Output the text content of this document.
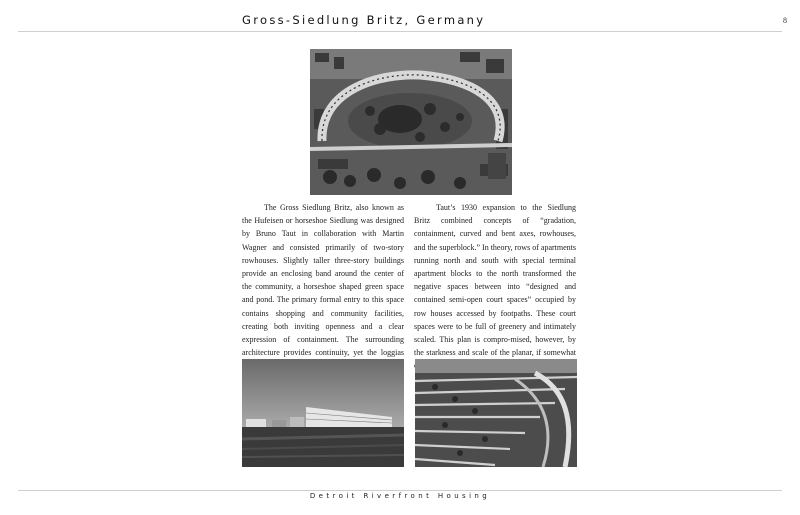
Gross-Siedlung Britz, Germany	8

The Gross Siedlung Britz, also known as the Hufeisen or horseshoe Siedlung was designed by Bruno Taut in collaboration with Martin Wagner and consisted primarily of two-story rowhouses. Slightly taller three-story buildings provide an enclosing band around the center of the community, a horseshoe shaped green space and pond. The primary formal entry to this space contains shopping and community facilities, creating both inviting openness and a clear expression of containment. The surrounding architecture provides continuity, yet the loggias

Taut’s 1930 expansion to the Siedlung Britz combined concepts of “gradation, containment, curved and bent axes, rowhouses, and the superblock.” In theory, rows of apartments running north and south with special terminal apartment blocks to the north transformed the negative spaces between into “designed and contained semi-open court spaces” occupied by row houses accessed by footpaths. These court spaces were to be full of greenery and intimately scaled. This plan is compro-mised, however, by the starkness and scale of the planar, if somewhat

Detroit Riverfront Housing
